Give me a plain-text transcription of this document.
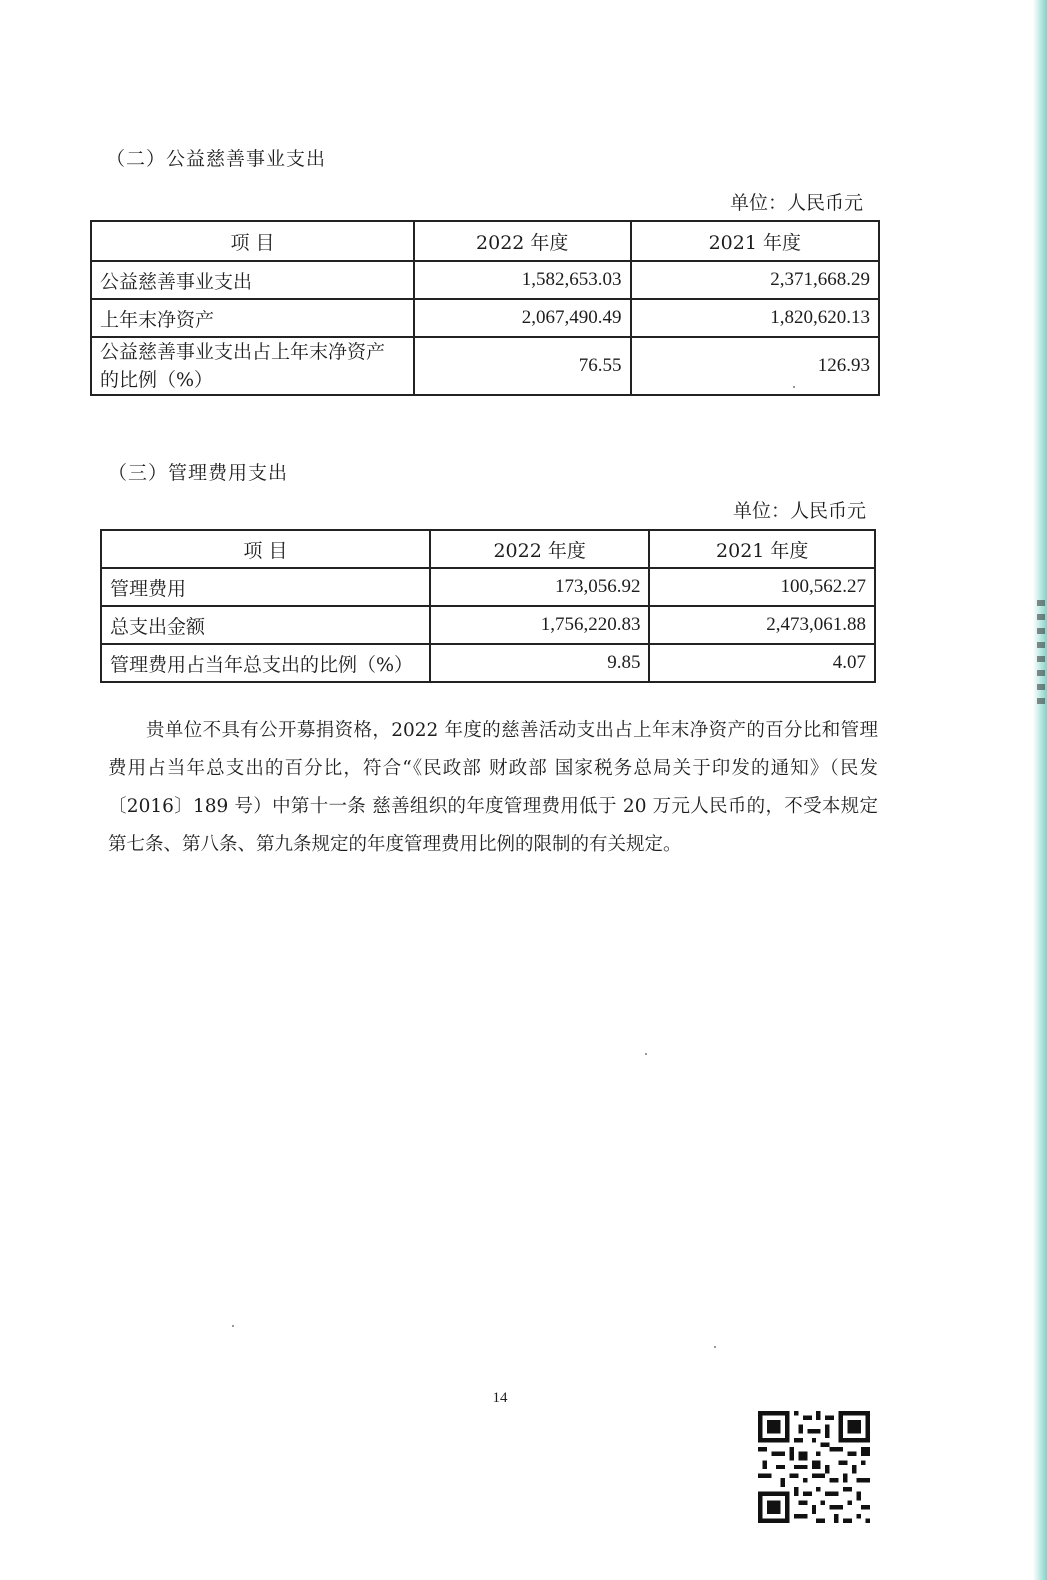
（二）公益慈善事业支出
单位：人民币元
项 目	2022 年度	2021 年度
公益慈善事业支出	1,582,653.03	2,371,668.29
上年末净资产	2,067,490.49	1,820,620.13

公益慈善事业支出占上年末净资产
的比例（%）	76.55	126.93
（三）管理费用支出
单位：人民币元
项 目	2022 年度	2021 年度
管理费用	173,056.92	100,562.27
总支出金额	1,756,220.83	2,473,061.88
管理费用占当年总支出的比例（%）	9.85	4.07
贵单位不具有公开募捐资格，2022 年度的慈善活动支出占上年末净资产的百分比和管理费用占当年总支出的百分比，符合“《民政部 财政部 国家税务总局关于印发的通知》（民发〔2016〕189 号）中第十一条 慈善组织的年度管理费用低于 20 万元人民币的，不受本规定第七条、第八条、第九条规定的年度管理费用比例的限制的有关规定。
14
